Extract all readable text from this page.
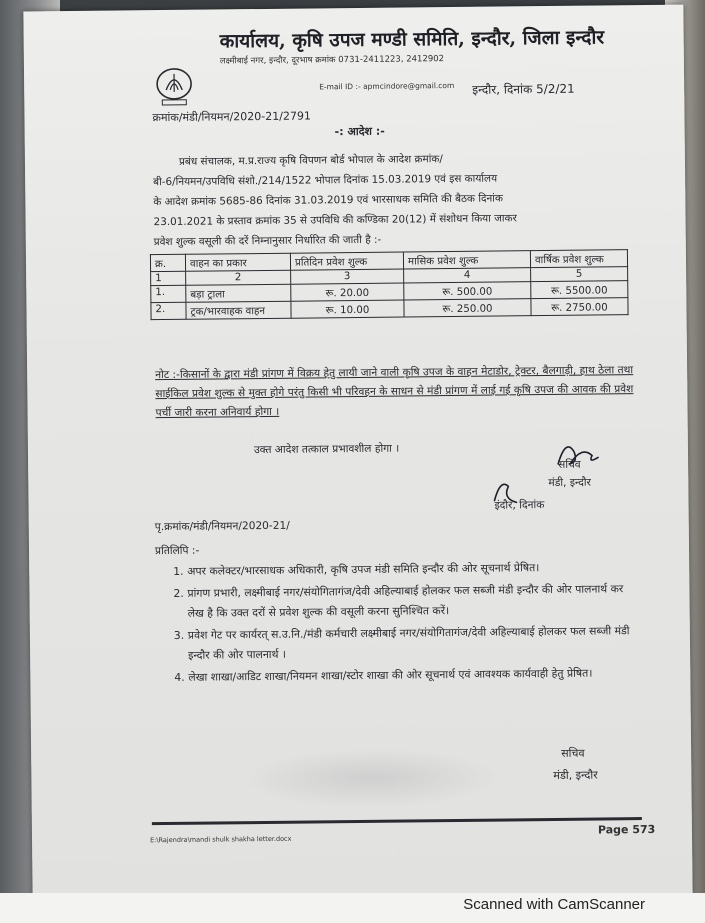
कार्यालय, कृषि उपज मण्डी समिति, इन्दौर, जिला इन्दौर
लक्ष्मीबाई नगर, इन्दौर, दूरभाष क्रमांक 0731-2411223, 2412902
E-mail ID :- apmcindore@gmail.com इन्दौर, दिनांक 5/2/21
क्रमांक/मंडी/नियमन/2020-21/2791
-: आदेश :-
प्रबंध संचालक, म.प्र.राज्य कृषि विपणन बोर्ड भोपाल के आदेश क्रमांक/
बी-6/नियमन/उपविधि संशो./214/1522 भोपाल दिनांक 15.03.2019 एवं इस कार्यालय
के आदेश क्रमांक 5685-86 दिनांक 31.03.2019 एवं भारसाधक समिति की बैठक दिनांक
23.01.2021 के प्रस्ताव क्रमांक 35 से उपविधि की कण्डिका 20(12) में संशोधन किया जाकर
प्रवेश शुल्क वसूली की दरें निम्नानुसार निर्धारित की जाती है :-
क्र.	वाहन का प्रकार	प्रतिदिन प्रवेश शुल्क	मासिक प्रवेश शुल्क	वार्षिक प्रवेश शुल्क
1	2	3	4	5
1.	बड़ा ट्राला	रू. 20.00	रू. 500.00	रू. 5500.00
2.	ट्रक/भारवाहक वाहन	रू. 10.00	रू. 250.00	रू. 2750.00
नोट :-किसानों के द्वारा मंडी प्रांगण में विक्रय हेतु लायी जाने वाली कृषि उपज के वाहन मेटाडोर, ट्रेक्टर, बैलगाड़ी, हाथ ठेला तथा साईकिल प्रवेश शुल्क से मुक्त होगे परंतु किसी भी परिवहन के साधन से मंडी प्रांगण में लाई गई कृषि उपज की आवक की प्रवेश पर्ची जारी करना अनिवार्य होगा ।
उक्त आदेश तत्काल प्रभावशील होगा ।
सचिव
मंडी, इन्दौर
इंदौर, दिनांक
पृ.क्रमांक/मंडी/नियमन/2020-21/
प्रतिलिपि :-
1. अपर कलेक्टर/भारसाधक अधिकारी, कृषि उपज मंडी समिति इन्दौर की ओर सूचनार्थ प्रेषित।
2. प्रांगण प्रभारी, लक्ष्मीबाई नगर/संयोगितागंज/देवी अहिल्याबाई होलकर फल सब्जी मंडी इन्दौर की ओर पालनार्थ कर लेख है कि उक्त दरों से प्रवेश शुल्क की वसूली करना सुनिश्चित करें।
3. प्रवेश गेट पर कार्यरत् स.उ.नि./मंडी कर्मचारी लक्ष्मीबाई नगर/संयोगितागंज/देवी अहिल्याबाई होलकर फल सब्जी मंडी इन्दौर की ओर पालनार्थ ।
4. लेखा शाखा/आडिट शाखा/नियमन शाखा/स्टोर शाखा की ओर सूचनार्थ एवं आवश्यक कार्यवाही हेतु प्रेषित।
सचिव
मंडी, इन्दौर
E:\Rajendra\mandi shulk shakha letter.docx
Page 573
Scanned with CamScanner
